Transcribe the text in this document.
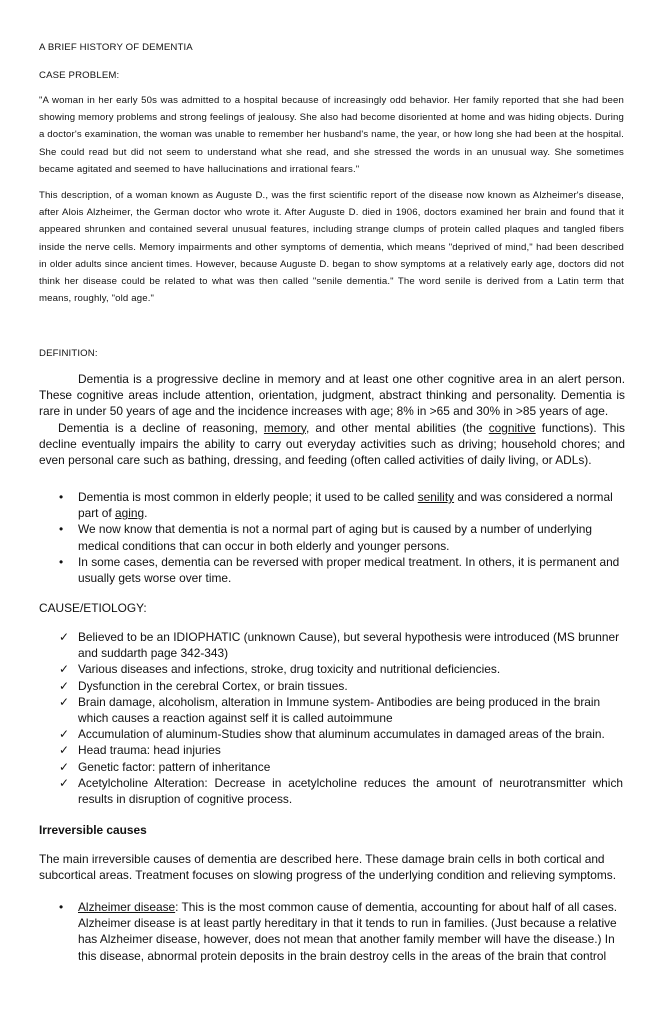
A BRIEF HISTORY OF DEMENTIA

CASE PROBLEM:

"A woman in her early 50s was admitted to a hospital because of increasingly odd behavior. Her family reported that she had been showing memory problems and strong feelings of jealousy. She also had become disoriented at home and was hiding objects. During a doctor's examination, the woman was unable to remember her husband's name, the year, or how long she had been at the hospital. She could read but did not seem to understand what she read, and she stressed the words in an unusual way. She sometimes became agitated and seemed to have hallucinations and irrational fears."

This description, of a woman known as Auguste D., was the first scientific report of the disease now known as Alzheimer's disease, after Alois Alzheimer, the German doctor who wrote it. After Auguste D. died in 1906, doctors examined her brain and found that it appeared shrunken and contained several unusual features, including strange clumps of protein called plaques and tangled fibers inside the nerve cells. Memory impairments and other symptoms of dementia, which means "deprived of mind," had been described in older adults since ancient times. However, because Auguste D. began to show symptoms at a relatively early age, doctors did not think her disease could be related to what was then called "senile dementia." The word senile is derived from a Latin term that means, roughly, "old age."

DEFINITION:

Dementia is a progressive decline in memory and at least one other cognitive area in an alert person. These cognitive areas include attention, orientation, judgment, abstract thinking and personality. Dementia is rare in under 50 years of age and the incidence increases with age; 8% in >65 and 30% in >85 years of age.

Dementia is a decline of reasoning, memory, and other mental abilities (the cognitive functions). This decline eventually impairs the ability to carry out everyday activities such as driving; household chores; and even personal care such as bathing, dressing, and feeding (often called activities of daily living, or ADLs).

• Dementia is most common in elderly people; it used to be called senility and was considered a normal part of aging.
• We now know that dementia is not a normal part of aging but is caused by a number of underlying medical conditions that can occur in both elderly and younger persons.
• In some cases, dementia can be reversed with proper medical treatment. In others, it is permanent and usually gets worse over time.

CAUSE/ETIOLOGY:

✓ Believed to be an IDIOPHATIC (unknown Cause), but several hypothesis were introduced (MS brunner and suddarth page 342-343)
✓ Various diseases and infections, stroke, drug toxicity and nutritional deficiencies.
✓ Dysfunction in the cerebral Cortex, or brain tissues.
✓ Brain damage, alcoholism, alteration in Immune system- Antibodies are being produced in the brain which causes a reaction against self it is called autoimmune
✓ Accumulation of aluminum-Studies show that aluminum accumulates in damaged areas of the brain.
✓ Head trauma: head injuries
✓ Genetic factor: pattern of inheritance
✓ Acetylcholine Alteration: Decrease in acetylcholine reduces the amount of neurotransmitter which results in disruption of cognitive process.

Irreversible causes

The main irreversible causes of dementia are described here. These damage brain cells in both cortical and subcortical areas. Treatment focuses on slowing progress of the underlying condition and relieving symptoms.

• Alzheimer disease: This is the most common cause of dementia, accounting for about half of all cases. Alzheimer disease is at least partly hereditary in that it tends to run in families. (Just because a relative has Alzheimer disease, however, does not mean that another family member will have the disease.) In this disease, abnormal protein deposits in the brain destroy cells in the areas of the brain that control
